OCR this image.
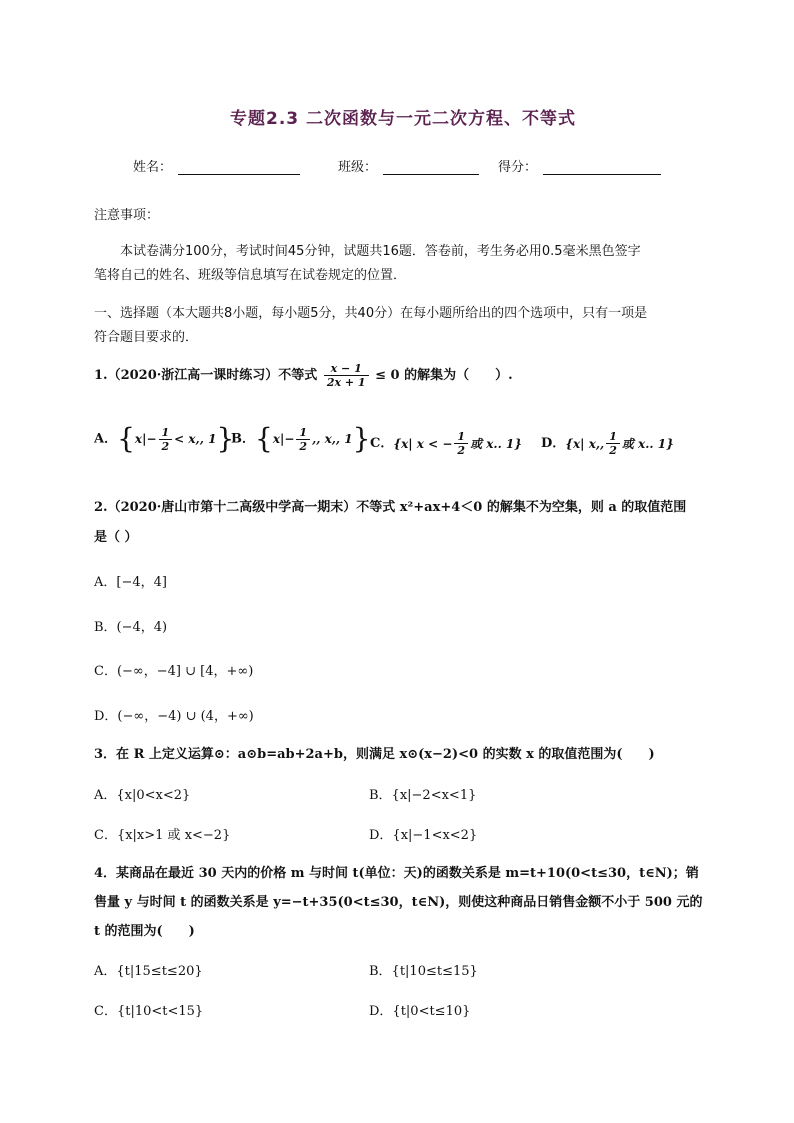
专题2.3 二次函数与一元二次方程、不等式
姓名：	班级：	得分：
注意事项：
本试卷满分100分，考试时间45分钟，试题共16题．答卷前，考生务必用0.5毫米黑色签字
笔将自己的姓名、班级等信息填写在试卷规定的位置．
一、选择题（本大题共8小题，每小题5分，共40分）在每小题所给出的四个选项中，只有一项是
符合题目要求的．
1.（2020·浙江高一课时练习）不等式 $\frac{x - 1}{2x + 1} \le 0$ 的解集为（　　）.
A．{$x|- \frac{1}{2} < x$,, 1}
B．{$x|- \frac{1}{2}$ ,, x,, 1} C．{x| x < − $\frac{1}{2}$ 或 x.. 1} D．{x| x,, $\frac{1}{2}$ 或 x.. 1}
2.（2020·唐山市第十二高级中学高一期末）不等式 x²+ax+4＜0 的解集不为空集，则 a 的取值范围
是（ ）
A．[−4，4]
B．(−4，4)
C．(−∞，−4] ∪ [4，+∞)
D．(−∞，−4) ∪ (4，+∞)
3．在 R 上定义运算⊙：a⊙b=ab+2a+b，则满足 x⊙(x−2)<0 的实数 x 的取值范围为(　　)
A．{x|0<x<2}	B．{x|−2<x<1}
C．{x|x>1 或 x<−2}	D．{x|−1<x<2}
4．某商品在最近 30 天内的价格 m 与时间 t(单位：天)的函数关系是 m=t+10(0<t≤30，t∈N)；销
售量 y 与时间 t 的函数关系是 y=−t+35(0<t≤30，t∈N)，则使这种商品日销售金额不小于 500 元的
t 的范围为(　　)
A．{t|15≤t≤20}	B．{t|10≤t≤15}
C．{t|10<t<15}	D．{t|0<t≤10}
